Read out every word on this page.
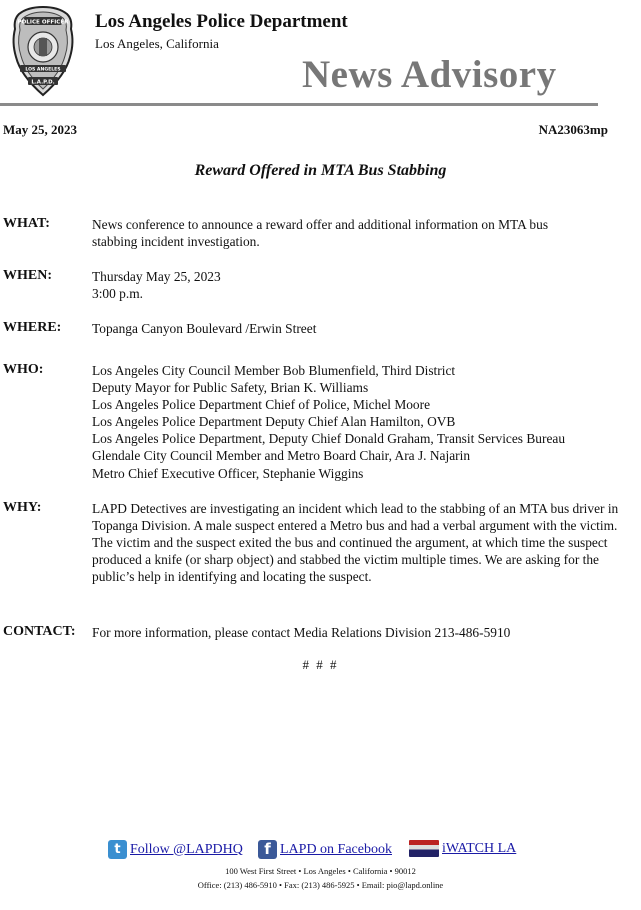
POLICE OFFICER
LOS ANGELES
L.A.P.D.
Los Angeles Police Department
Los Angeles, California
News Advisory
May 25, 2023	NA23063mp
Reward Offered in MTA Bus Stabbing
WHAT:	News conference to announce a reward offer and additional information on MTA bus
stabbing incident investigation.
WHEN:	Thursday May 25, 2023
3:00 p.m.
WHERE: Topanga Canyon Boulevard /Erwin Street
WHO:	Los Angeles City Council Member Bob Blumenfield, Third District
Deputy Mayor for Public Safety, Brian K. Williams
Los Angeles Police Department Chief of Police, Michel Moore
Los Angeles Police Department Deputy Chief Alan Hamilton, OVB
Los Angeles Police Department, Deputy Chief Donald Graham, Transit Services Bureau
Glendale City Council Member and Metro Board Chair, Ara J. Najarin
Metro Chief Executive Officer, Stephanie Wiggins
WHY:	LAPD Detectives are investigating an incident which lead to the stabbing of an MTA bus driver in Topanga Division. A male suspect entered a Metro bus and had a verbal argument with the victim. The victim and the suspect exited the bus and continued the argument, at which time the suspect produced a knife (or sharp object) and stabbed the victim multiple times. We are asking for the public’s help in identifying and locating the suspect.
CONTACT: For more information, please contact Media Relations Division 213-486-5910
# # #
t Follow @LAPDHQ	f LAPD on Facebook	iWATCH LA
100 West First Street • Los Angeles • California • 90012
Office: (213) 486-5910 • Fax: (213) 486-5925 • Email: pio@lapd.online
